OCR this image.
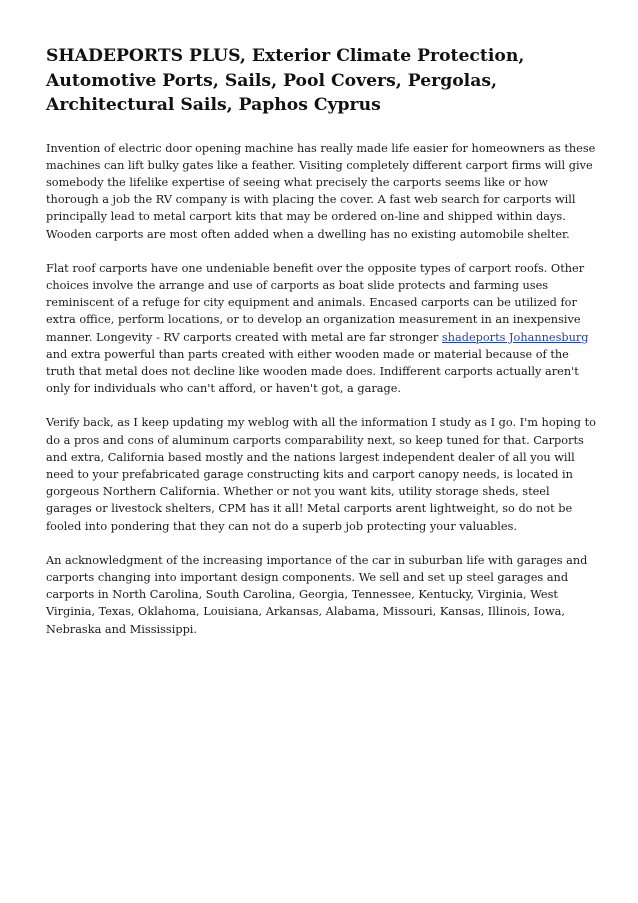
SHADEPORTS PLUS, Exterior Climate Protection, Automotive Ports, Sails, Pool Covers, Pergolas, Architectural Sails, Paphos Cyprus

Invention of electric door opening machine has really made life easier for homeowners as these machines can lift bulky gates like a feather. Visiting completely different carport firms will give somebody the lifelike expertise of seeing what precisely the carports seems like or how thorough a job the RV company is with placing the cover. A fast web search for carports will principally lead to metal carport kits that may be ordered on-line and shipped within days. Wooden carports are most often added when a dwelling has no existing automobile shelter.

Flat roof carports have one undeniable benefit over the opposite types of carport roofs. Other choices involve the arrange and use of carports as boat slide protects and farming uses reminiscent of a refuge for city equipment and animals. Encased carports can be utilized for extra office, perform locations, or to develop an organization measurement in an inexpensive manner. Longevity - RV carports created with metal are far stronger shadeports Johannesburg and extra powerful than parts created with either wooden made or material because of the truth that metal does not decline like wooden made does. Indifferent carports actually aren't only for individuals who can't afford, or haven't got, a garage.

Verify back, as I keep updating my weblog with all the information I study as I go. I'm hoping to do a pros and cons of aluminum carports comparability next, so keep tuned for that. Carports and extra, California based mostly and the nations largest independent dealer of all you will need to your prefabricated garage constructing kits and carport canopy needs, is located in gorgeous Northern California. Whether or not you want kits, utility storage sheds, steel garages or livestock shelters, CPM has it all! Metal carports arent lightweight, so do not be fooled into pondering that they can not do a superb job protecting your valuables.

An acknowledgment of the increasing importance of the car in suburban life with garages and carports changing into important design components. We sell and set up steel garages and carports in North Carolina, South Carolina, Georgia, Tennessee, Kentucky, Virginia, West Virginia, Texas, Oklahoma, Louisiana, Arkansas, Alabama, Missouri, Kansas, Illinois, Iowa, Nebraska and Mississippi.
